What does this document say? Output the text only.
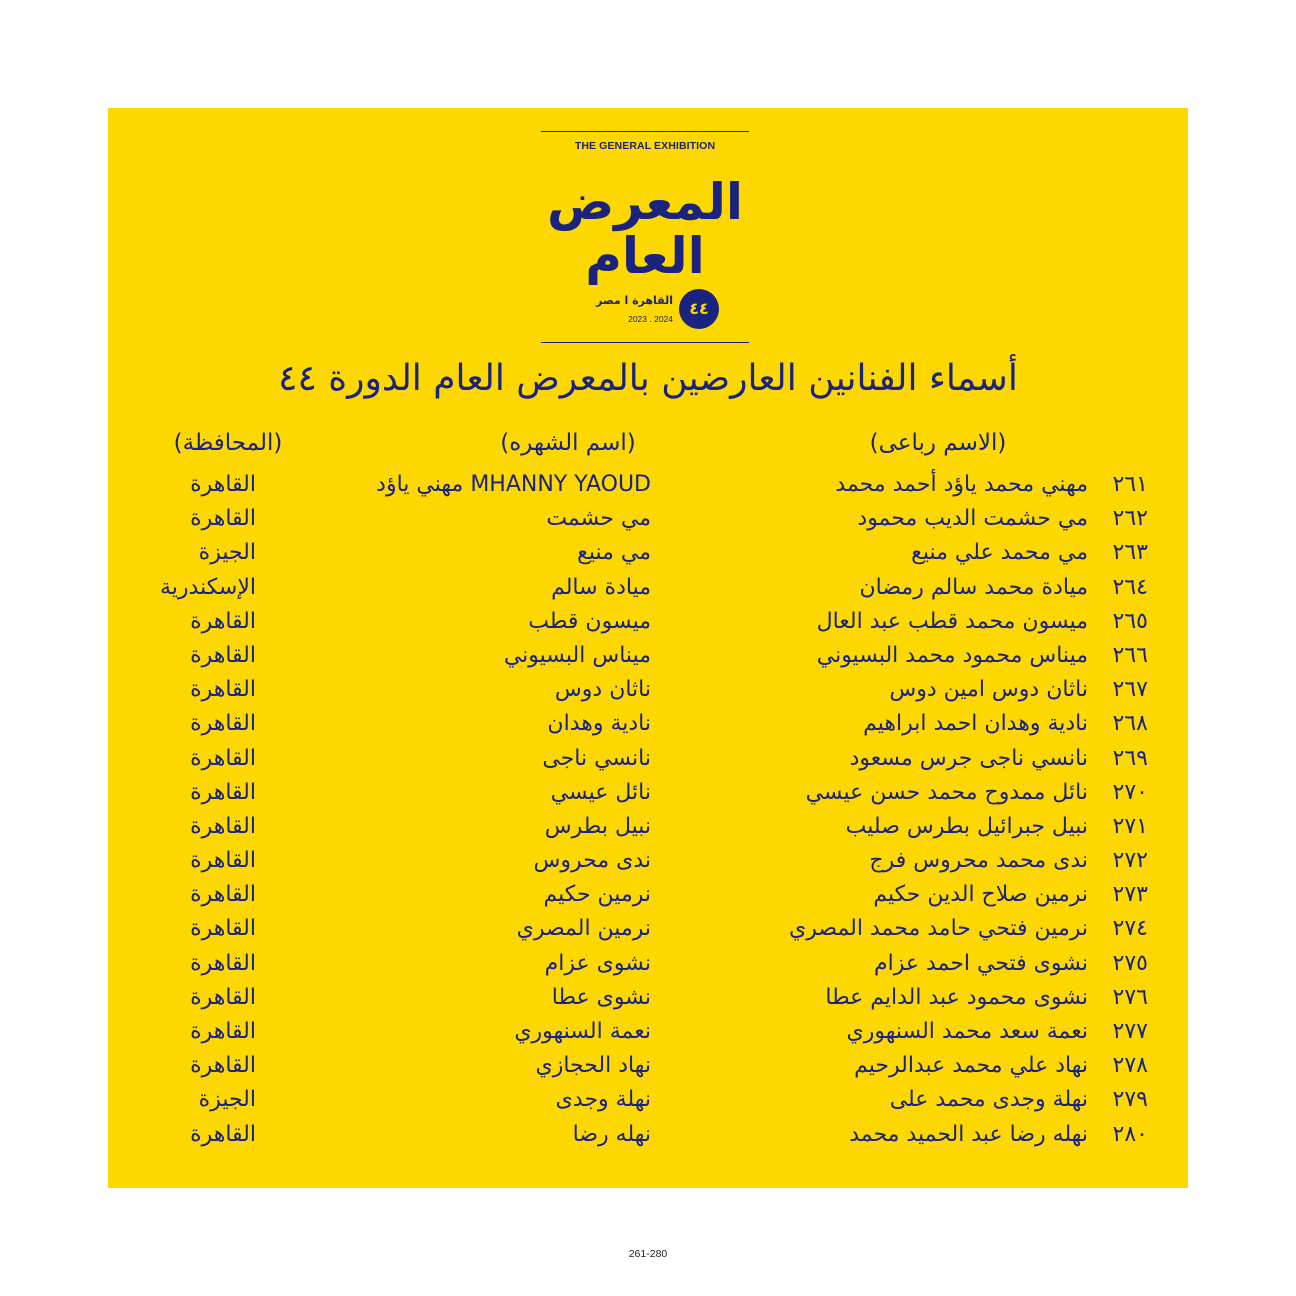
THE GENERAL EXHIBITION
المعرض
العام
٤٤
القاهرة ا مصر
2023 . 2024
أسماء الفنانين العارضين بالمعرض العام الدورة ٤٤
(الاسم رباعى)
(اسم الشهره)
(المحافظة)
٢٦١
مهني محمد ياؤد أحمد محمد
MHANNY YAOUD مهني ياؤد
القاهرة
٢٦٢
مي حشمت الديب محمود
مي حشمت
القاهرة
٢٦٣
مي محمد علي منيع
مي منيع
الجيزة
٢٦٤
ميادة محمد سالم رمضان
ميادة سالم
الإسكندرية
٢٦٥
ميسون محمد قطب عبد العال
ميسون قطب
القاهرة
٢٦٦
ميناس محمود محمد البسيوني
ميناس البسيوني
القاهرة
٢٦٧
ناثان دوس امين دوس
ناثان دوس
القاهرة
٢٦٨
نادية وهدان احمد ابراهيم
نادية وهدان
القاهرة
٢٦٩
نانسي ناجى جرس مسعود
نانسي ناجى
القاهرة
٢٧٠
نائل ممدوح محمد حسن عيسي
نائل عيسي
القاهرة
٢٧١
نبيل جبرائيل بطرس صليب
نبيل بطرس
القاهرة
٢٧٢
ندى محمد محروس فرج
ندى محروس
القاهرة
٢٧٣
نرمين صلاح الدين حكيم
نرمين حكيم
القاهرة
٢٧٤
نرمين فتحي حامد محمد المصري
نرمين المصري
القاهرة
٢٧٥
نشوى فتحي احمد عزام
نشوى عزام
القاهرة
٢٧٦
نشوى محمود عبد الدايم عطا
نشوى عطا
القاهرة
٢٧٧
نعمة سعد محمد السنهوري
نعمة السنهوري
القاهرة
٢٧٨
نهاد علي محمد عبدالرحيم
نهاد الحجازي
القاهرة
٢٧٩
نهلة وجدى محمد على
نهلة وجدى
الجيزة
٢٨٠
نهله رضا عبد الحميد محمد
نهله رضا
القاهرة
261-280
